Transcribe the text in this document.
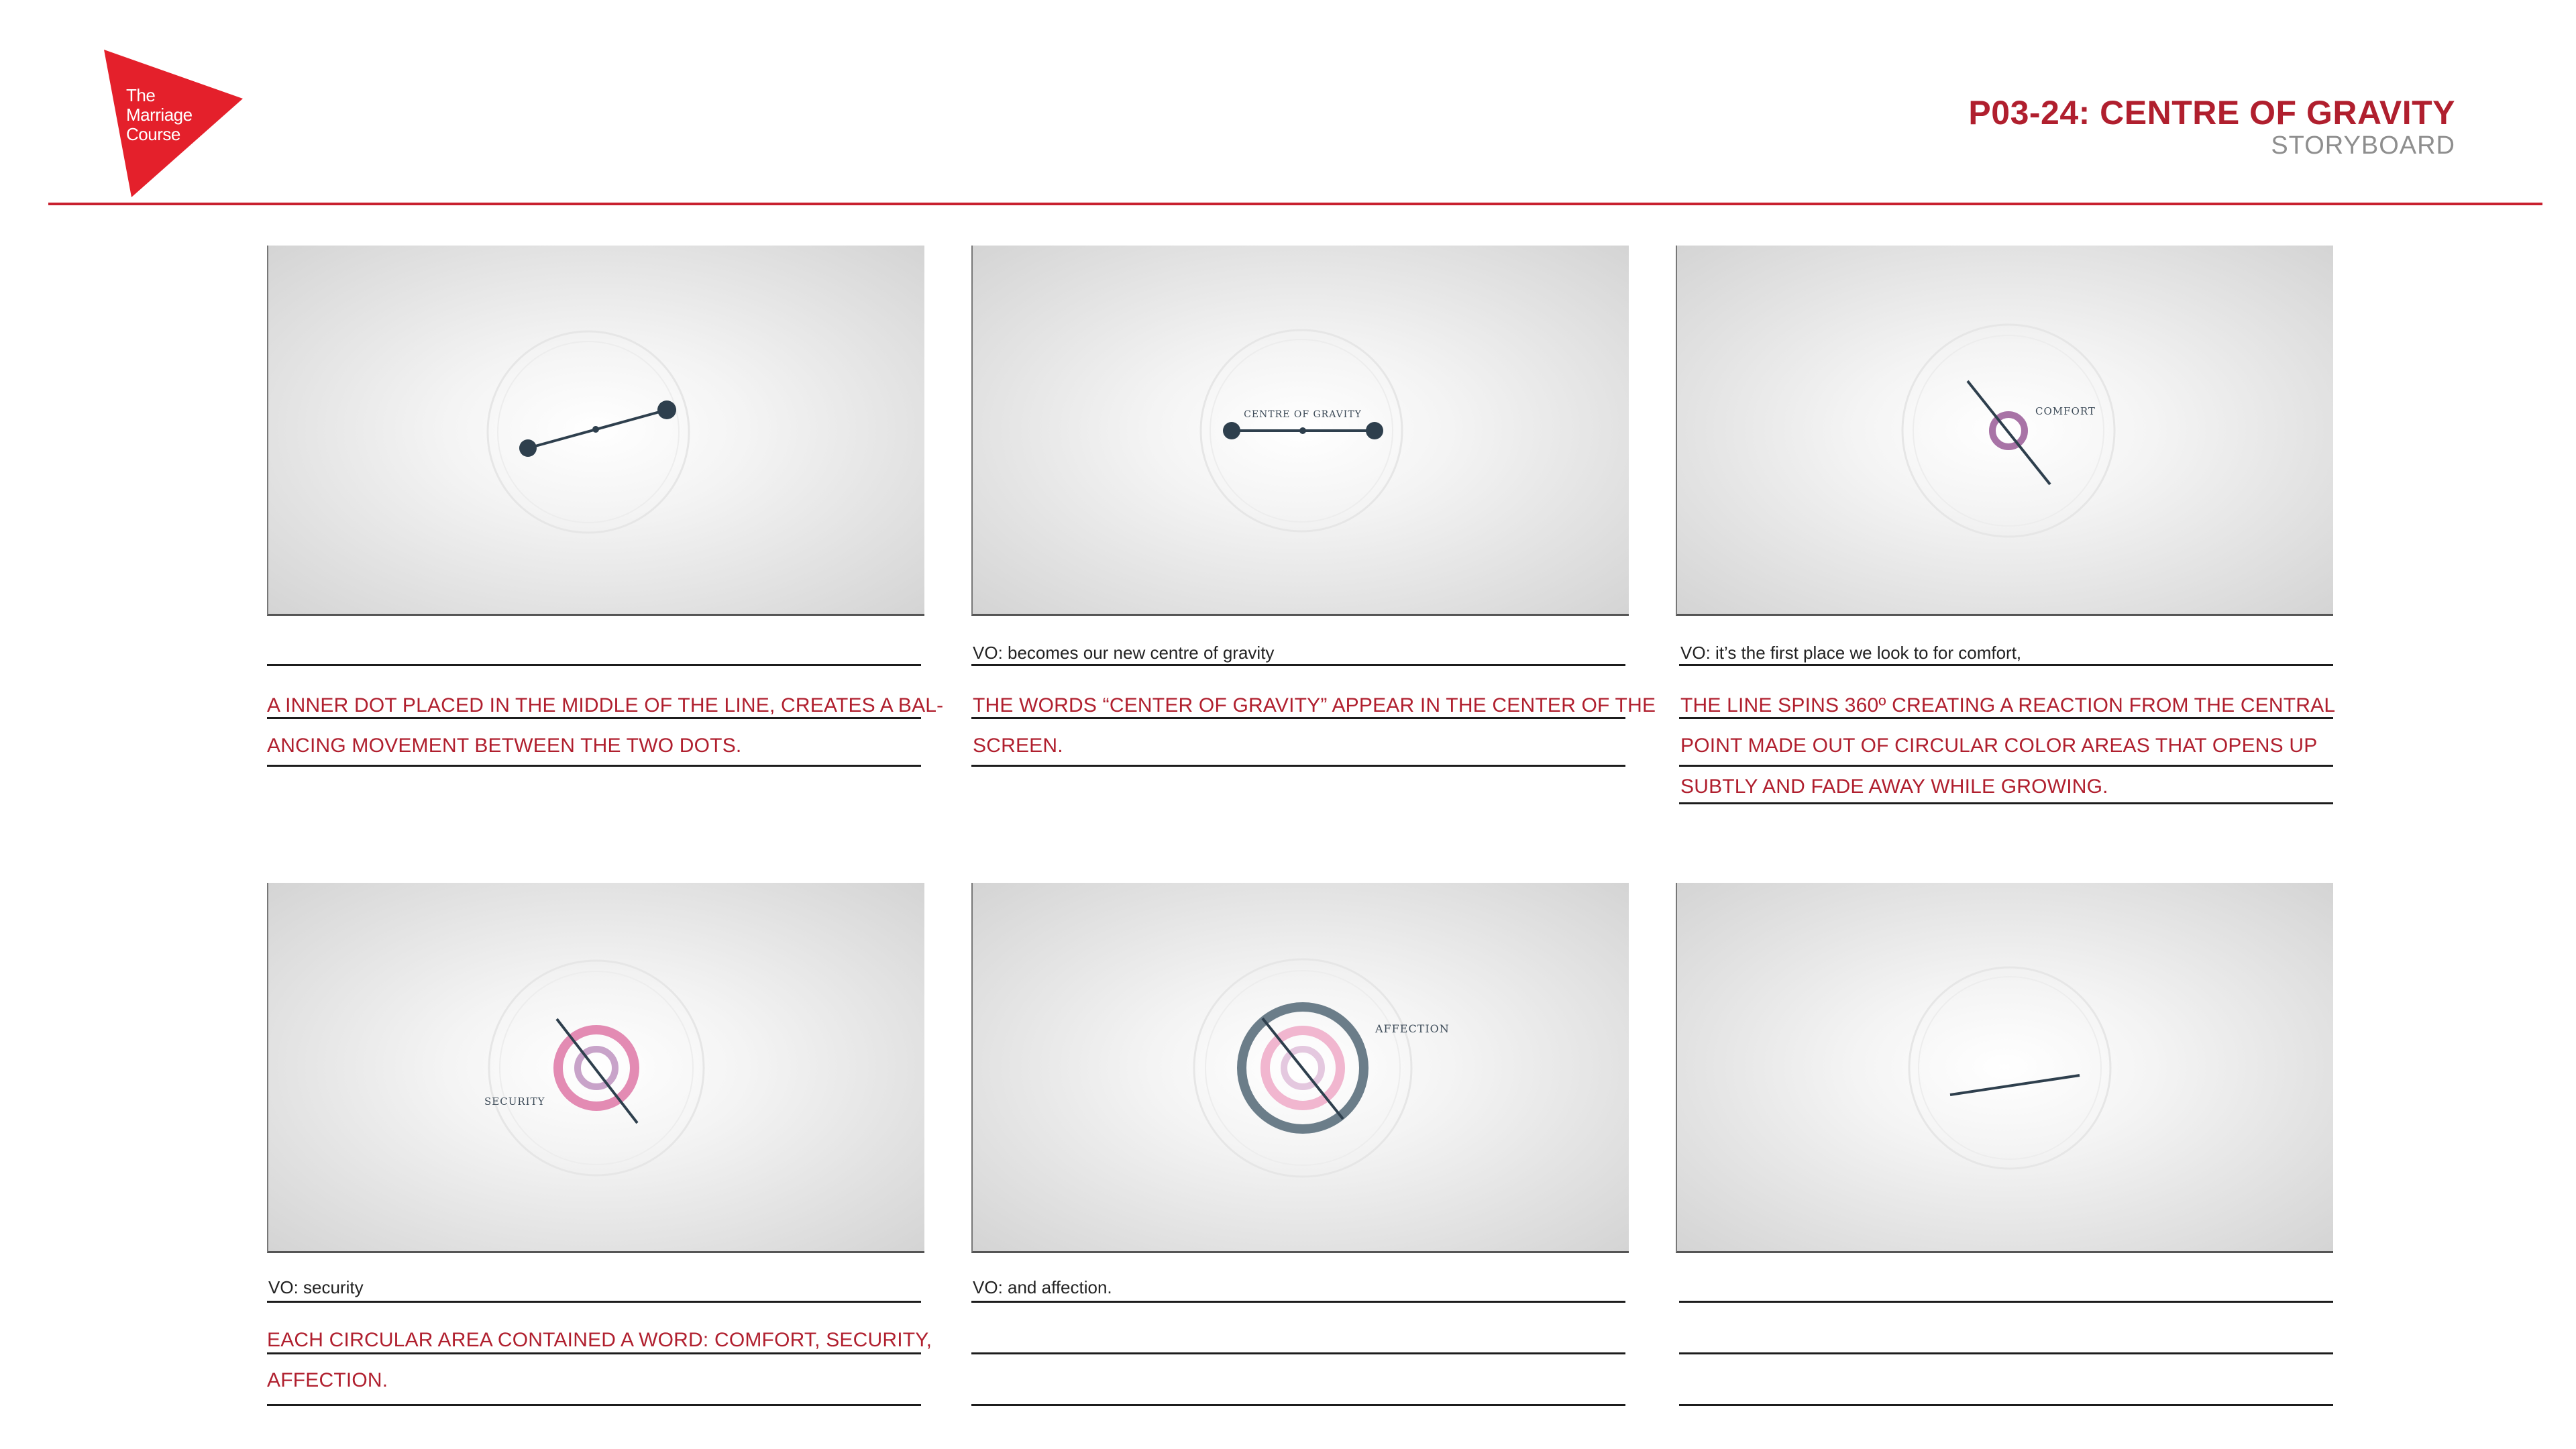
The
Marriage
Course
P03-24: CENTRE OF GRAVITY
STORYBOARD
CENTRE OF GRAVITY	COMFORT
A INNER DOT PLACED IN THE MIDDLE OF THE LINE, CREATES A BAL-
ANCING MOVEMENT BETWEEN THE TWO DOTS.
VO: becomes our new centre of gravity
THE WORDS “CENTER OF GRAVITY” APPEAR IN THE CENTER OF THE
SCREEN.
VO: it’s the first place we look to for comfort,
THE LINE SPINS 360º CREATING A REACTION FROM THE CENTRAL
POINT MADE OUT OF CIRCULAR COLOR AREAS THAT OPENS UP
SUBTLY AND FADE AWAY WHILE GROWING.
SECURITY
AFFECTION
VO: security
EACH CIRCULAR AREA CONTAINED A WORD: COMFORT, SECURITY,
AFFECTION.
VO: and affection.
